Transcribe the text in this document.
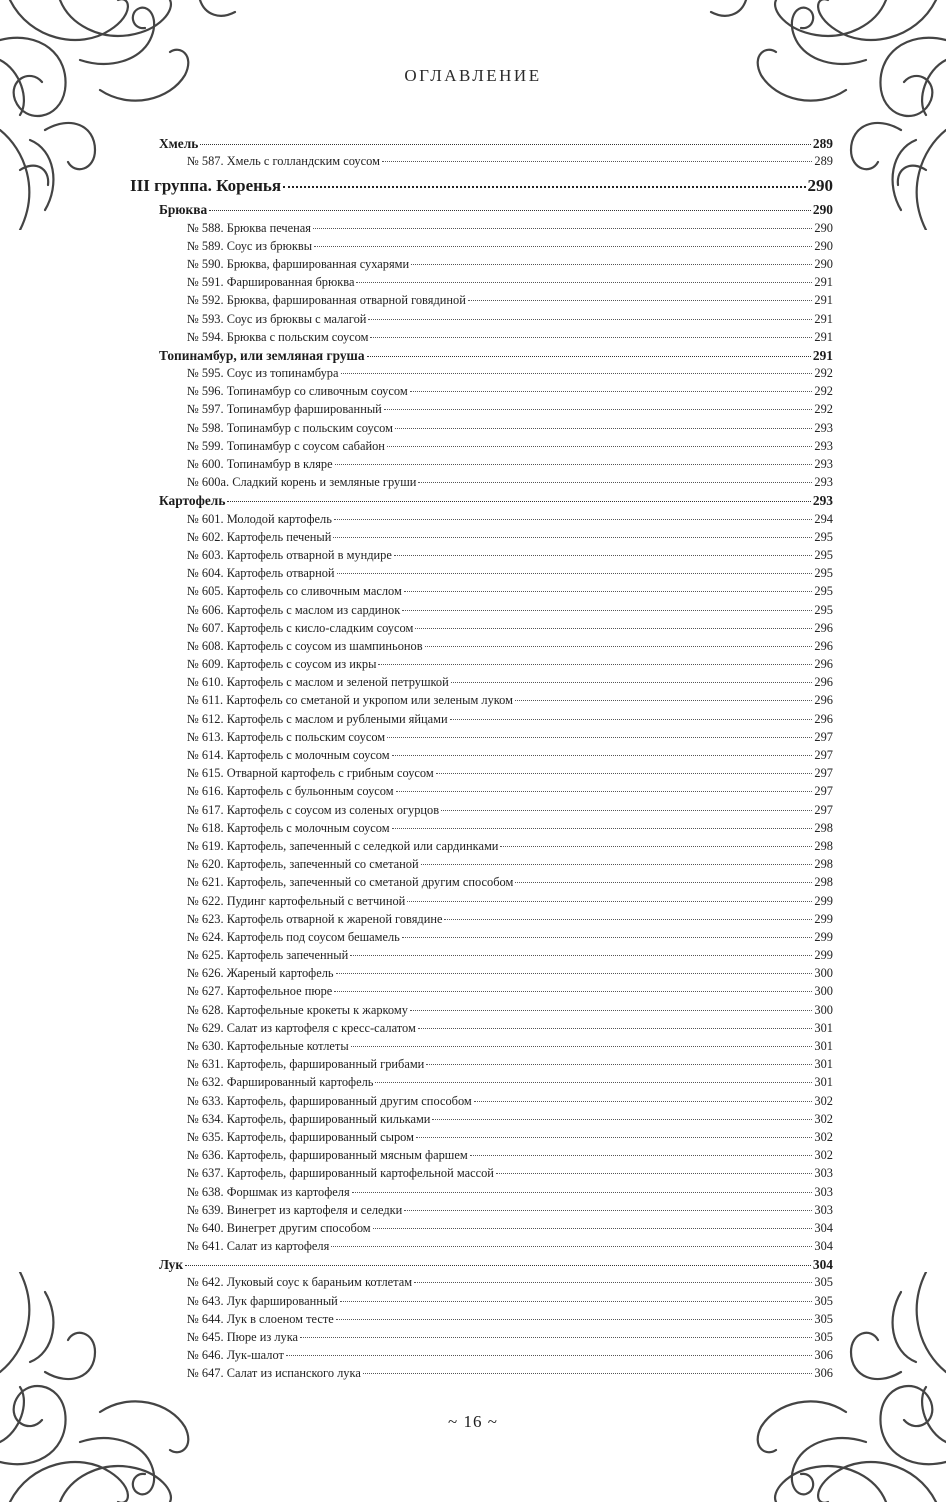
ОГЛАВЛЕНИЕ
Хмель	289
№ 587. Хмель с голландским соусом	289
III группа. Коренья	290
Брюква	290
№ 588. Брюква печеная	290
№ 589. Соус из брюквы	290
№ 590. Брюква, фаршированная сухарями	290
№ 591. Фаршированная брюква	291
№ 592. Брюква, фаршированная отварной говядиной	291
№ 593. Соус из брюквы с малагой	291
№ 594. Брюква с польским соусом	291
Топинамбур, или земляная груша	291
№ 595. Соус из топинамбура	292
№ 596. Топинамбур со сливочным соусом	292
№ 597. Топинамбур фаршированный	292
№ 598. Топинамбур с польским соусом	293
№ 599. Топинамбур с соусом сабайон	293
№ 600. Топинамбур в кляре	293
№ 600а. Сладкий корень и земляные груши	293
Картофель	293
№ 601. Молодой картофель	294
№ 602. Картофель печеный	295
№ 603. Картофель отварной в мундире	295
№ 604. Картофель отварной	295
№ 605. Картофель со сливочным маслом	295
№ 606. Картофель с маслом из сардинок	295
№ 607. Картофель с кисло-сладким соусом	296
№ 608. Картофель с соусом из шампиньонов	296
№ 609. Картофель с соусом из икры	296
№ 610. Картофель с маслом и зеленой петрушкой	296
№ 611. Картофель со сметаной и укропом или зеленым луком	296
№ 612. Картофель с маслом и рублеными яйцами	296
№ 613. Картофель с польским соусом	297
№ 614. Картофель с молочным соусом	297
№ 615. Отварной картофель с грибным соусом	297
№ 616. Картофель с бульонным соусом	297
№ 617. Картофель с соусом из соленых огурцов	297
№ 618. Картофель с молочным соусом	298
№ 619. Картофель, запеченный с селедкой или сардинками	298
№ 620. Картофель, запеченный со сметаной	298
№ 621. Картофель, запеченный со сметаной другим способом	298
№ 622. Пудинг картофельный с ветчиной	299
№ 623. Картофель отварной к жареной говядине	299
№ 624. Картофель под соусом бешамель	299
№ 625. Картофель запеченный	299
№ 626. Жареный картофель	300
№ 627. Картофельное пюре	300
№ 628. Картофельные крокеты к жаркому	300
№ 629. Салат из картофеля с кресс-салатом	301
№ 630. Картофельные котлеты	301
№ 631. Картофель, фаршированный грибами	301
№ 632. Фаршированный картофель	301
№ 633. Картофель, фаршированный другим способом	302
№ 634. Картофель, фаршированный кильками	302
№ 635. Картофель, фаршированный сыром	302
№ 636. Картофель, фаршированный мясным фаршем	302
№ 637. Картофель, фаршированный картофельной массой	303
№ 638. Форшмак из картофеля	303
№ 639. Винегрет из картофеля и селедки	303
№ 640. Винегрет другим способом	304
№ 641. Салат из картофеля	304
Лук	304
№ 642. Луковый соус к бараньим котлетам	305
№ 643. Лук фаршированный	305
№ 644. Лук в слоеном тесте	305
№ 645. Пюре из лука	305
№ 646. Лук-шалот	306
№ 647. Салат из испанского лука	306
~ 16 ~
